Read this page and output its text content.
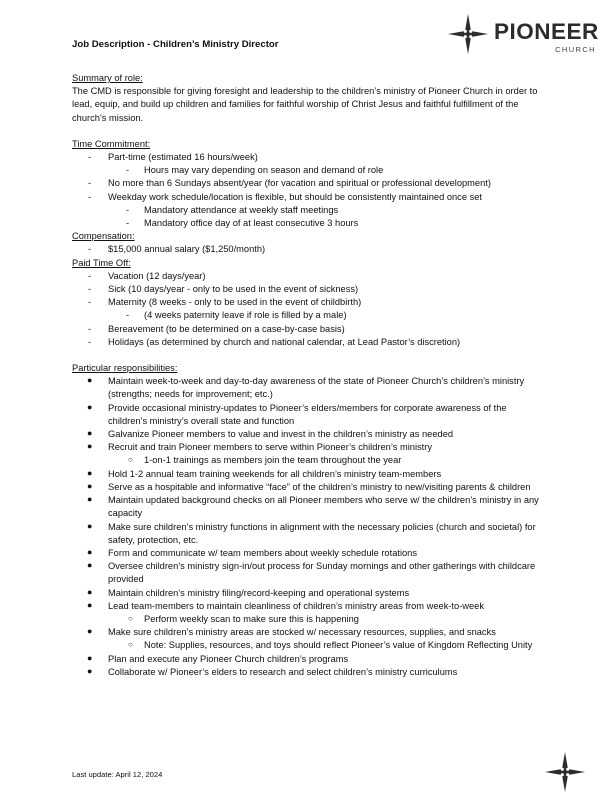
Job Description - Children’s Ministry Director
PIONEER
CHURCH
Summary of role:

The CMD is responsible for giving foresight and leadership to the children’s ministry of Pioneer Church in order to lead, equip, and build up children and families for faithful worship of Christ Jesus and faithful fulfillment of the church’s mission.

Time Commitment:
- Part-time (estimated 16 hours/week)
- Hours may vary depending on season and demand of role
- No more than 6 Sundays absent/year (for vacation and spiritual or professional development)
- Weekday work schedule/location is flexible, but should be consistently maintained once set
- Mandatory attendance at weekly staff meetings
- Mandatory office day of at least consecutive 3 hours
Compensation:
- $15,000 annual salary ($1,250/month)
Paid Time Off:
- Vacation (12 days/year)
- Sick (10 days/year - only to be used in the event of sickness)
- Maternity (8 weeks - only to be used in the event of childbirth)
- (4 weeks paternity leave if role is filled by a male)
- Bereavement (to be determined on a case-by-case basis)
- Holidays (as determined by church and national calendar, at Lead Pastor’s discretion)
Particular responsibilities:
● Maintain week-to-week and day-to-day awareness of the state of Pioneer Church’s children’s ministry (strengths; needs for improvement; etc.)
● Provide occasional ministry-updates to Pioneer’s elders/members for corporate awareness of the children’s ministry’s overall state and function
● Galvanize Pioneer members to value and invest in the children’s ministry as needed
● Recruit and train Pioneer members to serve within Pioneer’s children’s ministry
○ 1-on-1 trainings as members join the team throughout the year
● Hold 1-2 annual team training weekends for all children’s ministry team-members
● Serve as a hospitable and informative “face” of the children’s ministry to new/visiting parents & children
● Maintain updated background checks on all Pioneer members who serve w/ the children’s ministry in any capacity
● Make sure children’s ministry functions in alignment with the necessary policies (church and societal) for safety, protection, etc.
● Form and communicate w/ team members about weekly schedule rotations
● Oversee children’s ministry sign-in/out process for Sunday mornings and other gatherings with childcare provided
● Maintain children’s ministry filing/record-keeping and operational systems
● Lead team-members to maintain cleanliness of children’s ministry areas from week-to-week
○ Perform weekly scan to make sure this is happening
● Make sure children’s ministry areas are stocked w/ necessary resources, supplies, and snacks
○ Note: Supplies, resources, and toys should reflect Pioneer’s value of Kingdom Reflecting Unity
● Plan and execute any Pioneer Church children’s programs
● Collaborate w/ Pioneer’s elders to research and select children’s ministry curriculums
Last update: April 12, 2024
